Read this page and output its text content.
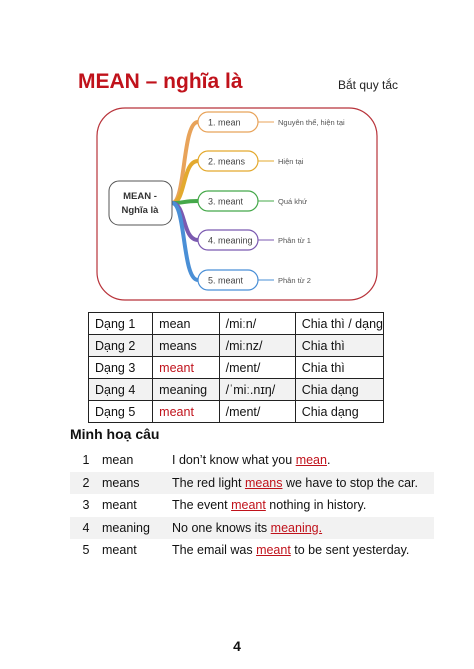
MEAN – nghĩa là	Bắt quy tắc
1. mean	Nguyên thể, hiện tại
2. means	Hiện tại
3. meant	Quá khứ
4. meaning	Phân từ 1
5. meant	Phân từ 2
MEAN -
Nghĩa là
Dạng 1	mean	/miːn/	Chia thì / dạng
Dạng 2	means	/miːnz/	Chia thì
Dạng 3	meant	/ment/	Chia thì
Dạng 4	meaning	/ˈmiː.nɪŋ/	Chia dạng
Dạng 5	meant	/ment/	Chia dạng
Minh hoạ câu
1	mean	I don’t know what you mean.
2	means	The red light means we have to stop the car.
3	meant	The event meant nothing in history.
4	meaning	No one knows its meaning.
5	meant	The email was meant to be sent yesterday.
4
